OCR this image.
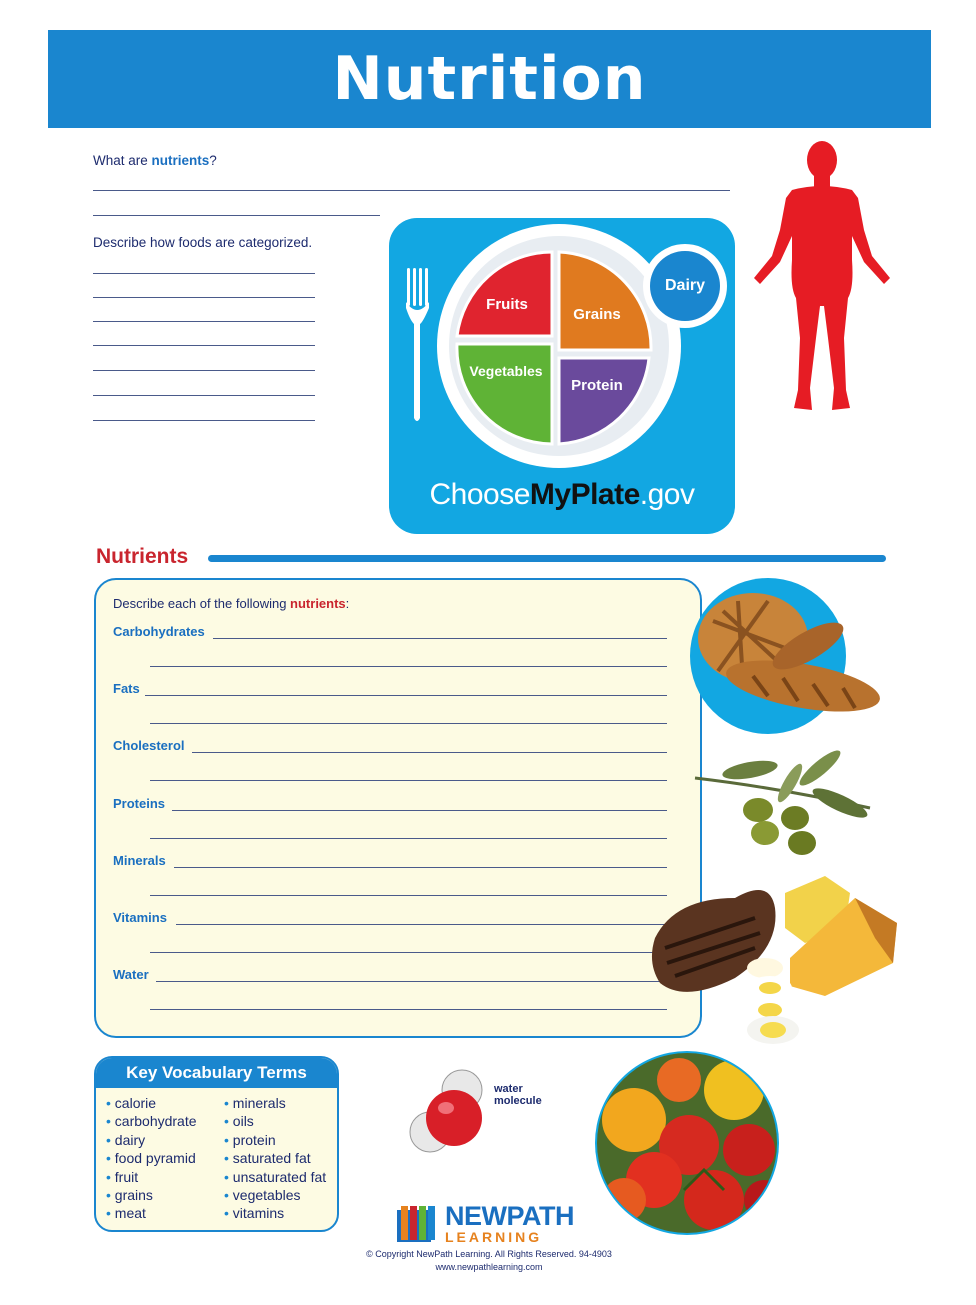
Nutrition
What are nutrients?
Describe how foods are categorized.
Fruits
Grains
Vegetables
Protein
Dairy
ChooseMyPlate.gov
Nutrients
Describe each of the following nutrients:
Carbohydrates
Fats
Cholesterol
Proteins
Minerals
Vitamins
Water
Key Vocabulary Terms
• calorie
• carbohydrate
• dairy
• food pyramid
• fruit
• grains
• meat
• minerals
• oils
• protein
• saturated fat
• unsaturated fat
• vegetables
• vitamins
water
molecule
NEWPATH
LEARNING
© Copyright NewPath Learning. All Rights Reserved. 94-4903
www.newpathlearning.com
